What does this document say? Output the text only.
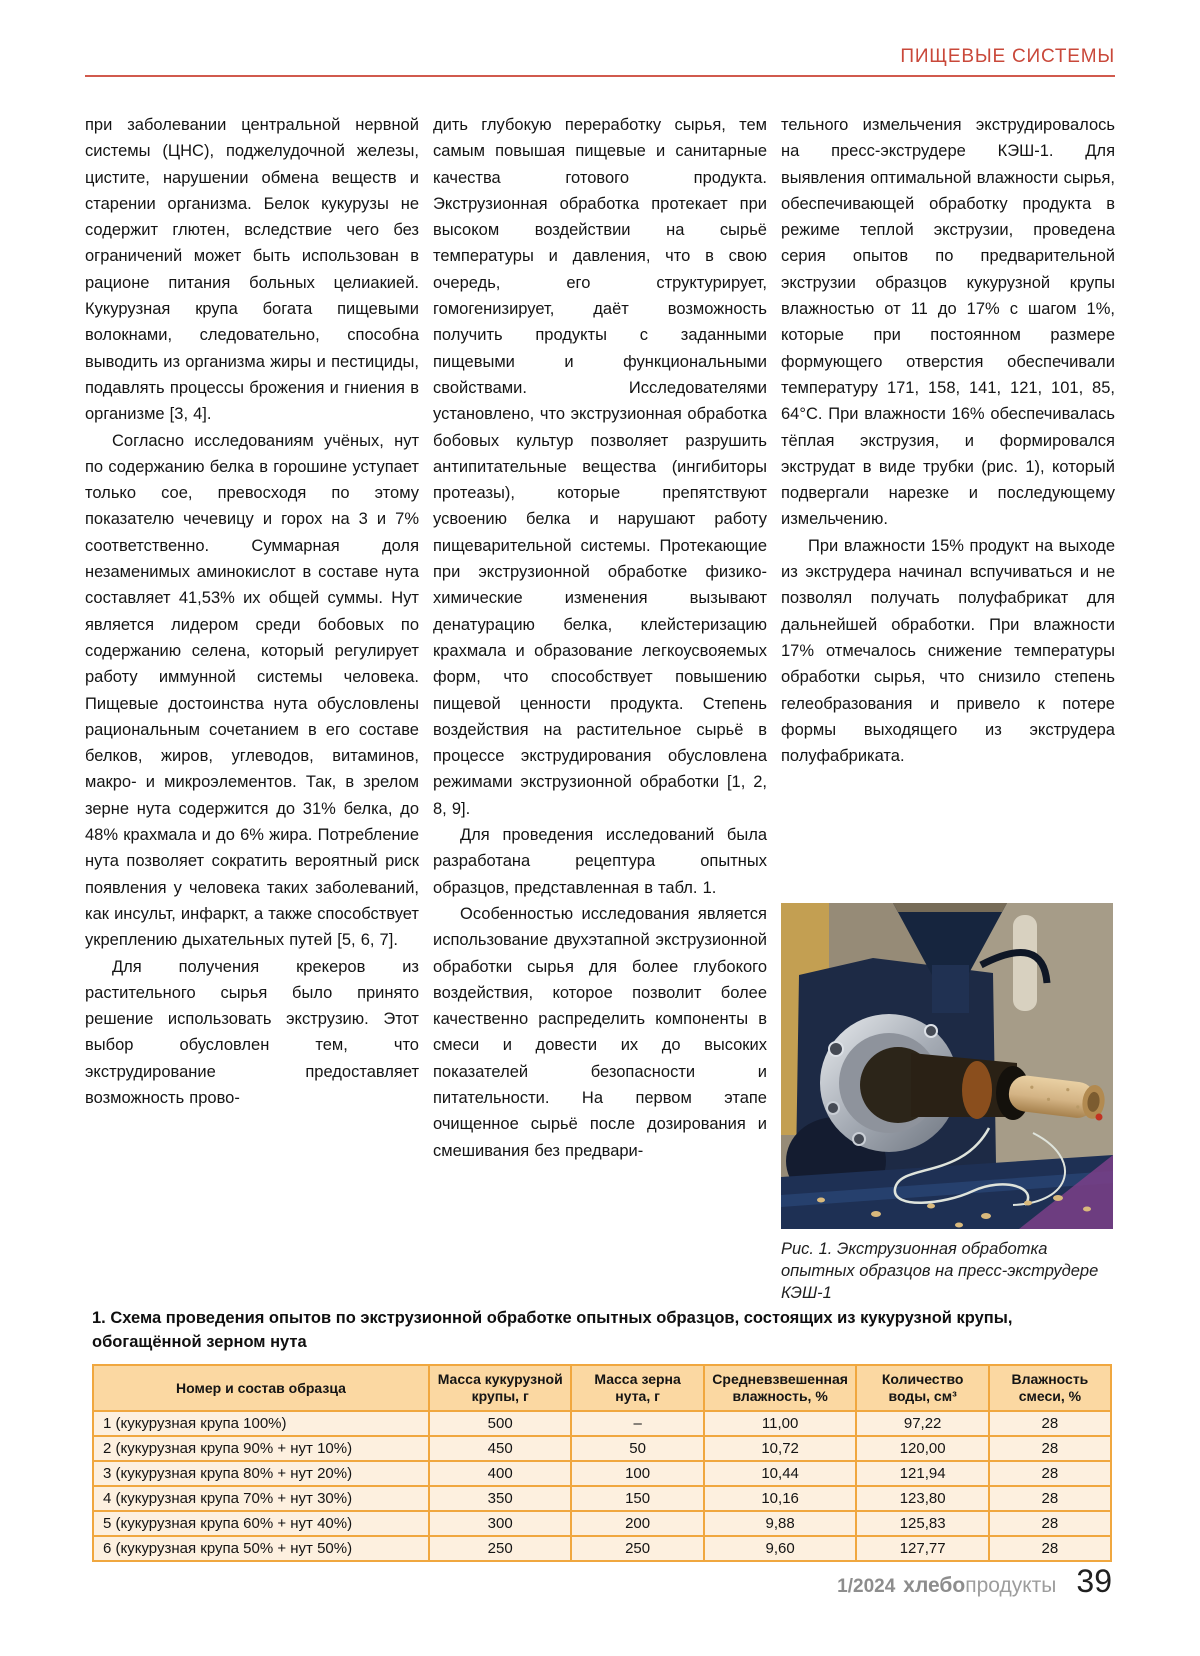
ПИЩЕВЫЕ СИСТЕМЫ

при заболевании центральной нервной системы (ЦНС), поджелудочной железы, цистите, нарушении обмена веществ и старении организма. Белок кукурузы не содержит глютен, вследствие чего без ограничений может быть использован в рационе питания больных целиакией. Кукурузная крупа богата пищевыми волокнами, следовательно, способна выводить из организма жиры и пестициды, подавлять процессы брожения и гниения в организме [3, 4].

Согласно исследованиям учёных, нут по содержанию белка в горошине уступает только сое, превосходя по этому показателю чечевицу и горох на 3 и 7% соответственно. Суммарная доля незаменимых аминокислот в составе нута составляет 41,53% их общей суммы. Нут является лидером среди бобовых по содержанию селена, который регулирует работу иммунной системы человека. Пищевые достоинства нута обусловлены рациональным сочетанием в его составе белков, жиров, углеводов, витаминов, макро- и микроэлементов. Так, в зрелом зерне нута содержится до 31% белка, до 48% крахмала и до 6% жира. Потребление нута позволяет сократить вероятный риск появления у человека таких заболеваний, как инсульт, инфаркт, а также способствует укреплению дыхательных путей [5, 6, 7].

Для получения крекеров из растительного сырья было принято решение использовать экструзию. Этот выбор обусловлен тем, что экструдирование предоставляет возможность прово-

дить глубокую переработку сырья, тем самым повышая пищевые и санитарные качества готового продукта. Экструзионная обработка протекает при высоком воздействии на сырьё температуры и давления, что в свою очередь, его структурирует, гомогенизирует, даёт возможность получить продукты с заданными пищевыми и функциональными свойствами. Исследователями установлено, что экструзионная обработка бобовых культур позволяет разрушить антипитательные вещества (ингибиторы протеазы), которые препятствуют усвоению белка и нарушают работу пищеварительной системы. Протекающие при экструзионной обработке физико-химические изменения вызывают денатурацию белка, клейстеризацию крахмала и образование легкоусвояемых форм, что способствует повышению пищевой ценности продукта. Степень воздействия на растительное сырьё в процессе экструдирования обусловлена режимами экструзионной обработки [1, 2, 8, 9].

Для проведения исследований была разработана рецептура опытных образцов, представленная в табл. 1.

Особенностью исследования является использование двухэтапной экструзионной обработки сырья для более глубокого воздействия, которое позволит более качественно распределить компоненты в смеси и довести их до высоких показателей безопасности и питательности. На первом этапе очищенное сырьё после дозирования и смешивания без предвари-

тельного измельчения экструдировалось на пресс-экструдере КЭШ-1. Для выявления оптимальной влажности сырья, обеспечивающей обработку продукта в режиме теплой экструзии, проведена серия опытов по предварительной экструзии образцов кукурузной крупы влажностью от 11 до 17% с шагом 1%, которые при постоянном размере формующего отверстия обеспечивали температуру 171, 158, 141, 121, 101, 85, 64°С. При влажности 16% обеспечивалась тёплая экструзия, и формировался экструдат в виде трубки (рис. 1), который подвергали нарезке и последующему измельчению.

При влажности 15% продукт на выходе из экструдера начинал вспучиваться и не позволял получать полуфабрикат для дальнейшей обработки. При влажности 17% отмечалось снижение температуры обработки сырья, что снизило степень гелеобразования и привело к потере формы выходящего из экструдера полуфабриката.

Рис. 1. Экструзионная обработка опытных образцов на пресс-экструдере КЭШ-1
1. Схема проведения опытов по экструзионной обработке опытных образцов, состоящих из кукурузной крупы, обогащённой зерном нута
Номер и состав образца	Масса кукурузной крупы, г	Масса зерна нута, г	Средневзвешенная влажность, %	Количество воды, см³	Влажность смеси, %
1 (кукурузная крупа 100%)	500	–	11,00	97,22	28
2 (кукурузная крупа 90% + нут 10%)	450	50	10,72	120,00	28
3 (кукурузная крупа 80% + нут 20%)	400	100	10,44	121,94	28
4 (кукурузная крупа 70% + нут 30%)	350	150	10,16	123,80	28
5 (кукурузная крупа 60% + нут 40%)	300	200	9,88	125,83	28
6 (кукурузная крупа 50% + нут 50%)	250	250	9,60	127,77	28
1/2024 хлебо продукты 39
